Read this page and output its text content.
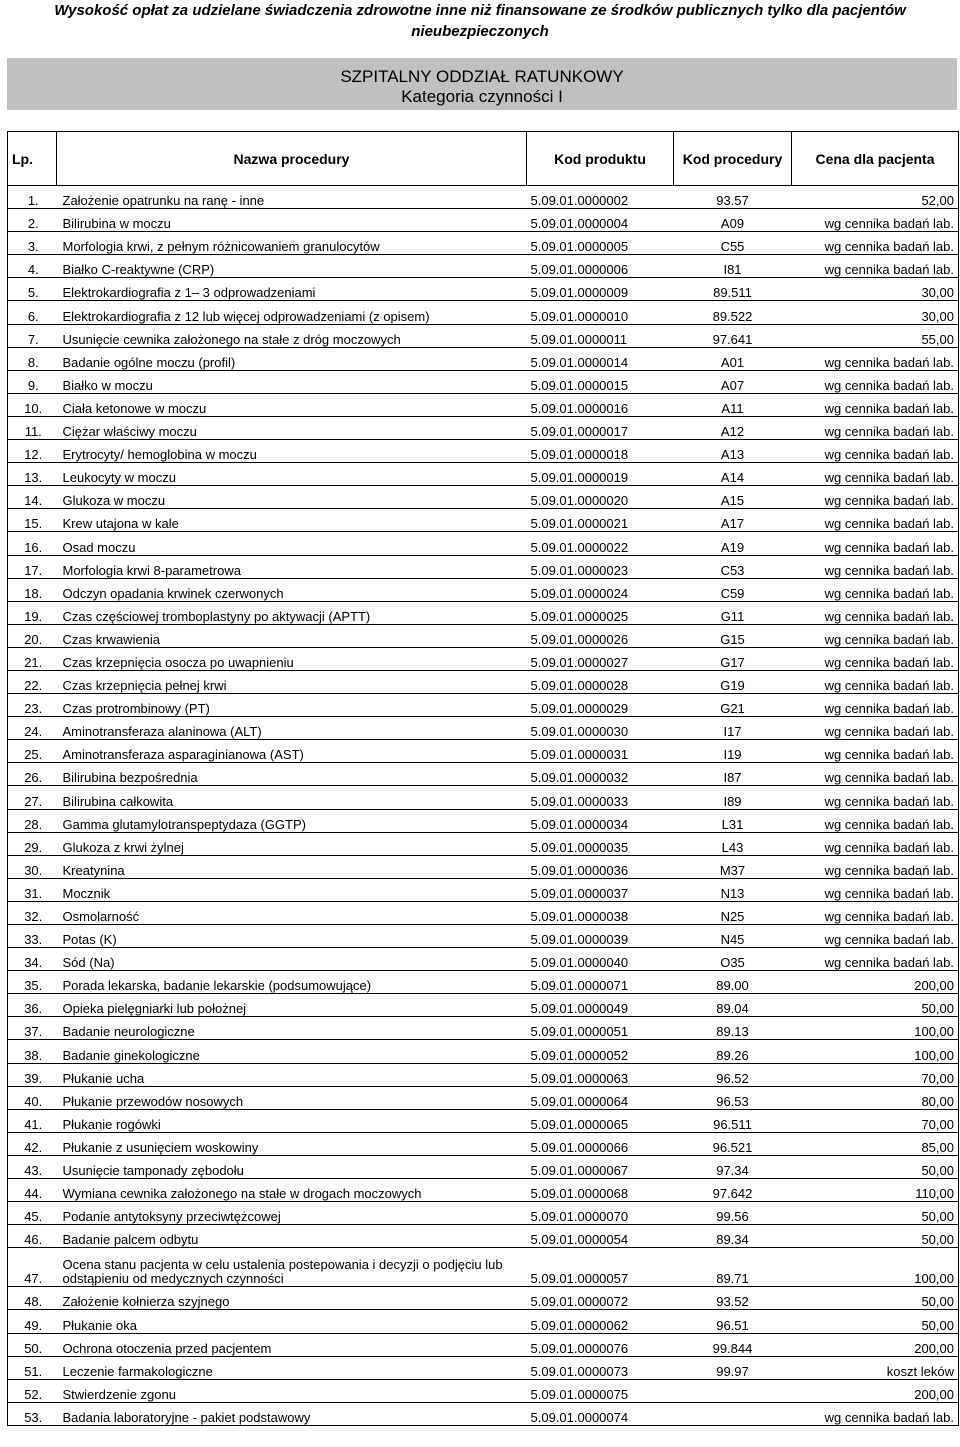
Wysokość opłat za udzielane świadczenia zdrowotne inne niż finansowane ze środków publicznych tylko dla pacjentów
nieubezpieczonych
SZPITALNY ODDZIAŁ RATUNKOWY
Kategoria czynności I
Lp.	Nazwa procedury	Kod produktu	Kod procedury	Cena dla pacjenta
1.	Założenie opatrunku na ranę - inne	5.09.01.0000002	93.57	52,00
2.	Bilirubina w moczu	5.09.01.0000004	A09	wg cennika badań lab.
3.	Morfologia krwi, z pełnym różnicowaniem granulocytów	5.09.01.0000005	C55	wg cennika badań lab.
4.	Białko C-reaktywne (CRP)	5.09.01.0000006	I81	wg cennika badań lab.
5.	Elektrokardiografia z 1– 3 odprowadzeniami	5.09.01.0000009	89.511	30,00
6.	Elektrokardiografia z 12 lub więcej odprowadzeniami (z opisem)	5.09.01.0000010	89.522	30,00
7.	Usunięcie cewnika założonego na stałe z dróg moczowych	5.09.01.0000011	97.641	55,00
8.	Badanie ogólne moczu (profil)	5.09.01.0000014	A01	wg cennika badań lab.
9.	Białko w moczu	5.09.01.0000015	A07	wg cennika badań lab.
10.	Ciała ketonowe w moczu	5.09.01.0000016	A11	wg cennika badań lab.
11.	Ciężar właściwy moczu	5.09.01.0000017	A12	wg cennika badań lab.
12.	Erytrocyty/ hemoglobina w moczu	5.09.01.0000018	A13	wg cennika badań lab.
13.	Leukocyty w moczu	5.09.01.0000019	A14	wg cennika badań lab.
14.	Glukoza w moczu	5.09.01.0000020	A15	wg cennika badań lab.
15.	Krew utajona w kale	5.09.01.0000021	A17	wg cennika badań lab.
16.	Osad moczu	5.09.01.0000022	A19	wg cennika badań lab.
17.	Morfologia krwi 8-parametrowa	5.09.01.0000023	C53	wg cennika badań lab.
18.	Odczyn opadania krwinek czerwonych	5.09.01.0000024	C59	wg cennika badań lab.
19.	Czas częściowej tromboplastyny po aktywacji (APTT)	5.09.01.0000025	G11	wg cennika badań lab.
20.	Czas krwawienia	5.09.01.0000026	G15	wg cennika badań lab.
21.	Czas krzepnięcia osocza po uwapnieniu	5.09.01.0000027	G17	wg cennika badań lab.
22.	Czas krzepnięcia pełnej krwi	5.09.01.0000028	G19	wg cennika badań lab.
23.	Czas protrombinowy (PT)	5.09.01.0000029	G21	wg cennika badań lab.
24.	Aminotransferaza alaninowa (ALT)	5.09.01.0000030	I17	wg cennika badań lab.
25.	Aminotransferaza asparaginianowa (AST)	5.09.01.0000031	I19	wg cennika badań lab.
26.	Bilirubina bezpośrednia	5.09.01.0000032	I87	wg cennika badań lab.
27.	Bilirubina całkowita	5.09.01.0000033	I89	wg cennika badań lab.
28.	Gamma glutamylotranspeptydaza (GGTP)	5.09.01.0000034	L31	wg cennika badań lab.
29.	Glukoza z krwi żylnej	5.09.01.0000035	L43	wg cennika badań lab.
30.	Kreatynina	5.09.01.0000036	M37	wg cennika badań lab.
31.	Mocznik	5.09.01.0000037	N13	wg cennika badań lab.
32.	Osmolarność	5.09.01.0000038	N25	wg cennika badań lab.
33.	Potas (K)	5.09.01.0000039	N45	wg cennika badań lab.
34.	Sód (Na)	5.09.01.0000040	O35	wg cennika badań lab.
35.	Porada lekarska, badanie lekarskie (podsumowujące)	5.09.01.0000071	89.00	200,00
36.	Opieka pielęgniarki lub położnej	5.09.01.0000049	89.04	50,00
37.	Badanie neurologiczne	5.09.01.0000051	89.13	100,00
38.	Badanie ginekologiczne	5.09.01.0000052	89.26	100,00
39.	Płukanie ucha	5.09.01.0000063	96.52	70,00
40.	Płukanie przewodów nosowych	5.09.01.0000064	96.53	80,00
41.	Płukanie rogówki	5.09.01.0000065	96.511	70,00
42.	Płukanie z usunięciem woskowiny	5.09.01.0000066	96.521	85,00
43.	Usunięcie tamponady zębodołu	5.09.01.0000067	97.34	50,00
44.	Wymiana cewnika założonego na stałe w drogach moczowych	5.09.01.0000068	97.642	110,00
45.	Podanie antytoksyny przeciwtężcowej	5.09.01.0000070	99.56	50,00
46.	Badanie palcem odbytu	5.09.01.0000054	89.34	50,00
47.	Ocena stanu pacjenta w celu ustalenia postepowania i decyzji o podjęciu lub odstąpieniu od medycznych czynności	5.09.01.0000057	89.71	100,00
48.	Założenie kołnierza szyjnego	5.09.01.0000072	93.52	50,00
49.	Płukanie oka	5.09.01.0000062	96.51	50,00
50.	Ochrona otoczenia przed pacjentem	5.09.01.0000076	99.844	200,00
51.	Leczenie farmakologiczne	5.09.01.0000073	99.97	koszt leków
52.	Stwierdzenie zgonu	5.09.01.0000075		200,00
53.	Badania laboratoryjne - pakiet podstawowy	5.09.01.0000074		wg cennika badań lab.
